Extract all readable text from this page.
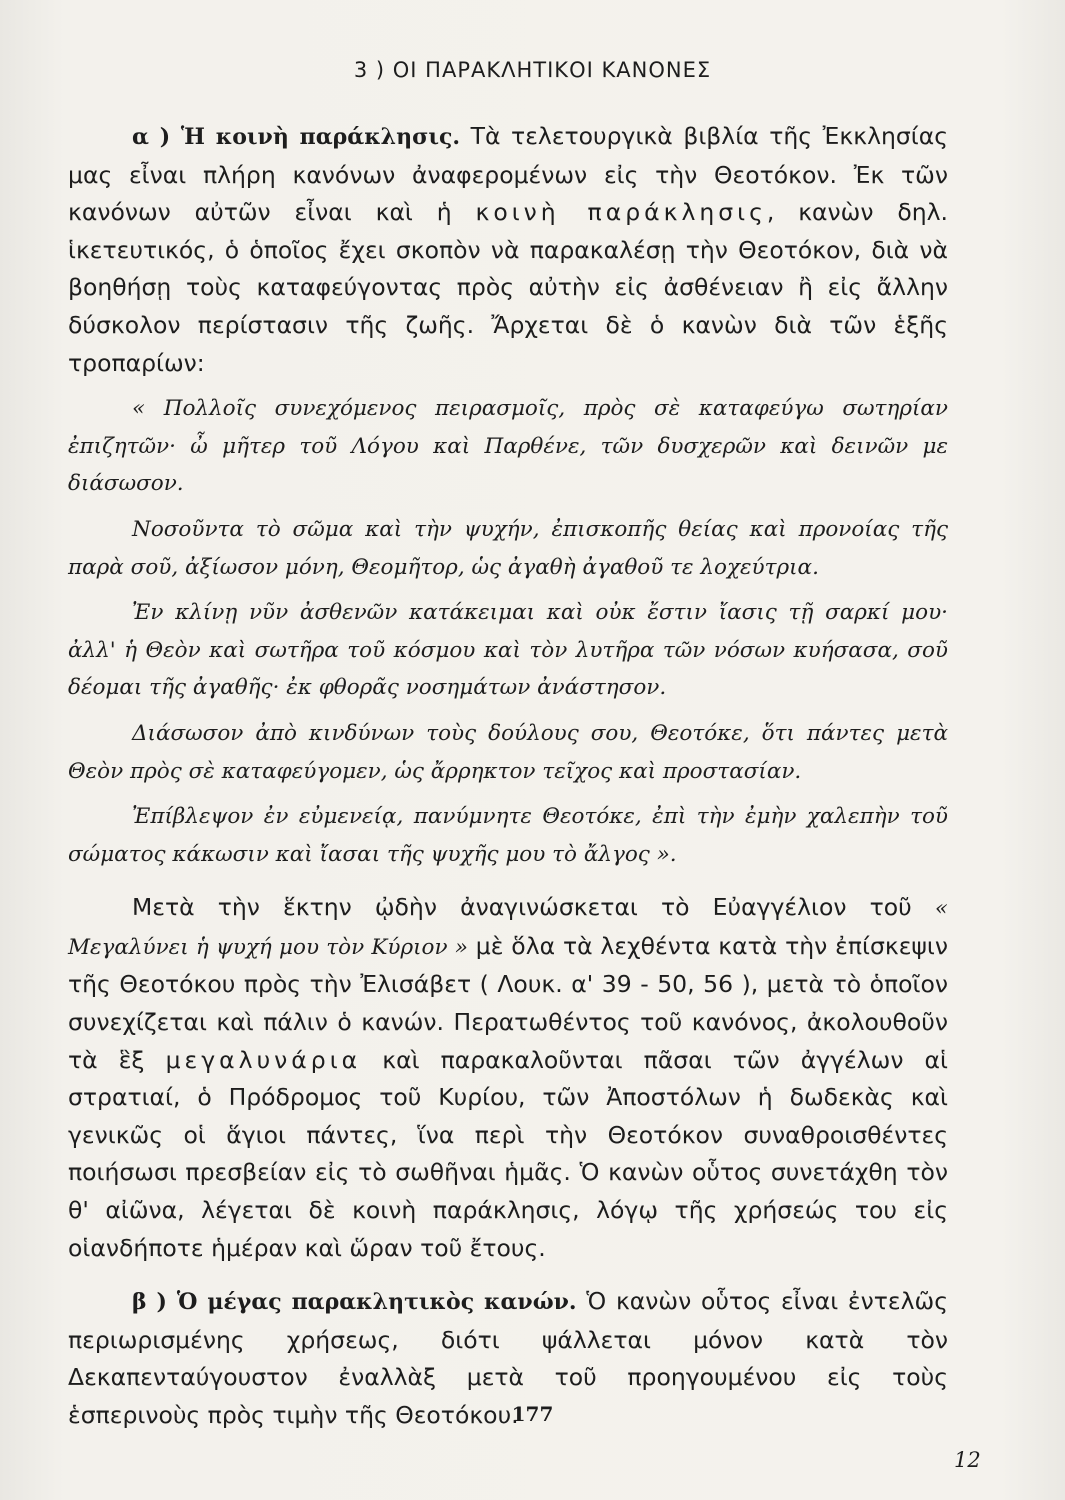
3 ) ΟΙ ΠΑΡΑΚΛΗΤΙΚΟΙ ΚΑΝΟΝΕΣ

α ) Ἡ κοινὴ παράκλησις. Τὰ τελετουργικὰ βιβλία τῆς Ἐκκλησίας μας εἶναι πλήρη κανόνων ἀναφερομένων εἰς τὴν Θεοτόκον. Ἐκ τῶν κανόνων αὐτῶν εἶναι καὶ ἡ κοινὴ παράκλησις, κανὼν δηλ. ἱκετευτικός, ὁ ὁποῖος ἔχει σκοπὸν νὰ παρακαλέσῃ τὴν Θεοτόκον, διὰ νὰ βοηθήσῃ τοὺς καταφεύγοντας πρὸς αὐτὴν εἰς ἀσθένειαν ἢ εἰς ἄλλην δύσκολον περίστασιν τῆς ζωῆς. Ἄρχεται δὲ ὁ κανὼν διὰ τῶν ἑξῆς τροπαρίων:

« Πολλοῖς συνεχόμενος πειρασμοῖς, πρὸς σὲ καταφεύγω σωτηρίαν ἐπιζητῶν· ὦ μῆτερ τοῦ Λόγου καὶ Παρθένε, τῶν δυσχερῶν καὶ δεινῶν με διάσωσον.

Νοσοῦντα τὸ σῶμα καὶ τὴν ψυχήν, ἐπισκοπῆς θείας καὶ προνοίας τῆς παρὰ σοῦ, ἀξίωσον μόνη, Θεομῆτορ, ὡς ἀγαθὴ ἀγαθοῦ τε λοχεύτρια.

Ἐν κλίνῃ νῦν ἀσθενῶν κατάκειμαι καὶ οὐκ ἔστιν ἴασις τῇ σαρκί μου· ἀλλ' ἡ Θεὸν καὶ σωτῆρα τοῦ κόσμου καὶ τὸν λυτῆρα τῶν νόσων κυήσασα, σοῦ δέομαι τῆς ἀγαθῆς· ἐκ φθορᾶς νοσημάτων ἀνάστησον.

Διάσωσον ἀπὸ κινδύνων τοὺς δούλους σου, Θεοτόκε, ὅτι πάντες μετὰ Θεὸν πρὸς σὲ καταφεύγομεν, ὡς ἄρρηκτον τεῖχος καὶ προστασίαν.

Ἐπίβλεψον ἐν εὐμενείᾳ, πανύμνητε Θεοτόκε, ἐπὶ τὴν ἐμὴν χαλεπὴν τοῦ σώματος κάκωσιν καὶ ἴασαι τῆς ψυχῆς μου τὸ ἄλγος ».

Μετὰ τὴν ἕκτην ᾠδὴν ἀναγινώσκεται τὸ Εὐαγγέλιον τοῦ « Μεγαλύνει ἡ ψυχή μου τὸν Κύριον » μὲ ὅλα τὰ λεχθέντα κατὰ τὴν ἐπίσκεψιν τῆς Θεοτόκου πρὸς τὴν Ἐλισάβετ ( Λουκ. α' 39 - 50, 56 ), μετὰ τὸ ὁποῖον συνεχίζεται καὶ πάλιν ὁ κανών. Περατωθέντος τοῦ κανόνος, ἀκολουθοῦν τὰ ἓξ μεγαλυνάρια καὶ παρακαλοῦνται πᾶσαι τῶν ἀγγέλων αἱ στρατιαί, ὁ Πρόδρομος τοῦ Κυρίου, τῶν Ἀποστόλων ἡ δωδεκὰς καὶ γενικῶς οἱ ἅγιοι πάντες, ἵνα περὶ τὴν Θεοτόκον συναθροισθέντες ποιήσωσι πρεσβείαν εἰς τὸ σωθῆναι ἡμᾶς. Ὁ κανὼν οὗτος συνετάχθη τὸν θ' αἰῶνα, λέγεται δὲ κοινὴ παράκλησις, λόγῳ τῆς χρήσεώς του εἰς οἱανδήποτε ἡμέραν καὶ ὥραν τοῦ ἔτους.

β ) Ὁ μέγας παρακλητικὸς κανών. Ὁ κανὼν οὗτος εἶναι ἐντελῶς περιωρισμένης χρήσεως, διότι ψάλλεται μόνον κατὰ τὸν Δεκαπενταύγουστον ἐναλλὰξ μετὰ τοῦ προηγουμένου εἰς τοὺς ἑσπερινοὺς πρὸς τιμὴν τῆς Θεοτόκου.

177
12
